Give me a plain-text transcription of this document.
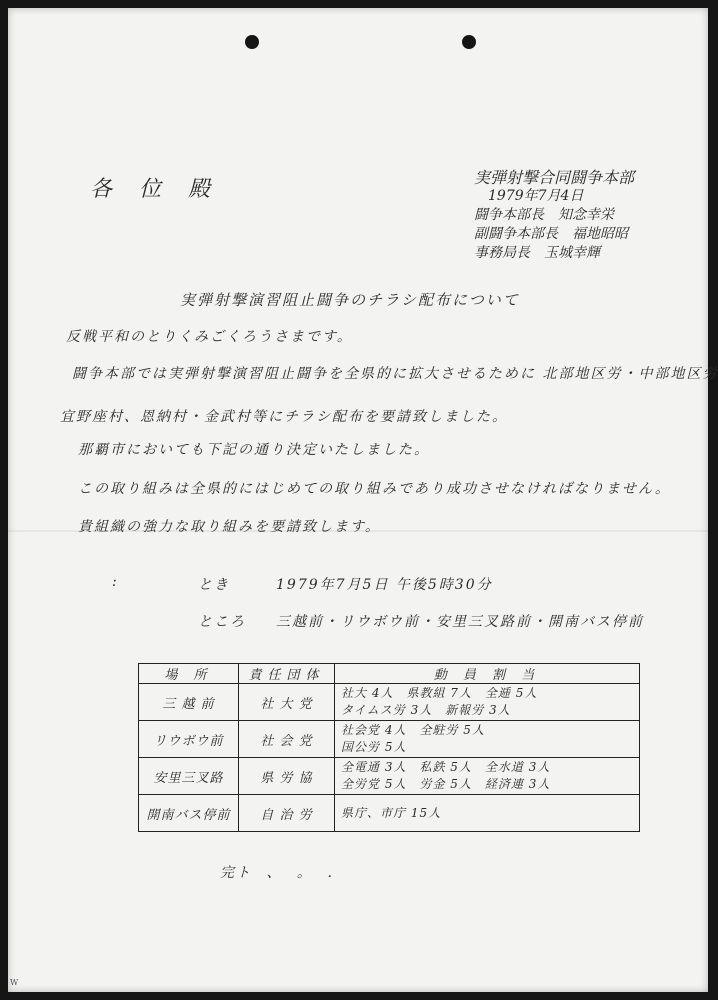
各 位 殿	実弾射撃合同闘争本部
1979年7月4日
闘争本部長　知念幸栄
副闘争本部長　福地昭昭
事務局長　玉城幸輝
実弾射撃演習阻止闘争のチラシ配布について
反戦平和のとりくみごくろうさまです。
闘争本部では実弾射撃演習阻止闘争を全県的に拡大させるために 北部地区労・中部地区労
宜野座村、恩納村・金武村等にチラシ配布を要請致しました。
那覇市においても下記の通り決定いたしました。
この取り組みは全県的にはじめての取り組みであり成功させなければなりません。
貴組織の強力な取り組みを要請致します。
:	とき	1979年7月5日 午後5時30分
ところ 三越前・リウボウ前・安里三叉路前・開南バス停前
場 所	責任団体	動 員 割 当
三 越 前	社 大 党	社大 4人　県教組 7人　全逓 5人
タイムス労 3人　新報労 3人

リウボウ前	社 会 党	社会党 4人　全駐労 5人
国公労 5人

安里三叉路	県 労 協	全電通 3人　私鉄 5人　全水道 3人
全労党 5人　労金 5人　経済連 3人

開南バス停前	自 治 労	県庁、市庁 15人
完ト 、 。 ．
W
